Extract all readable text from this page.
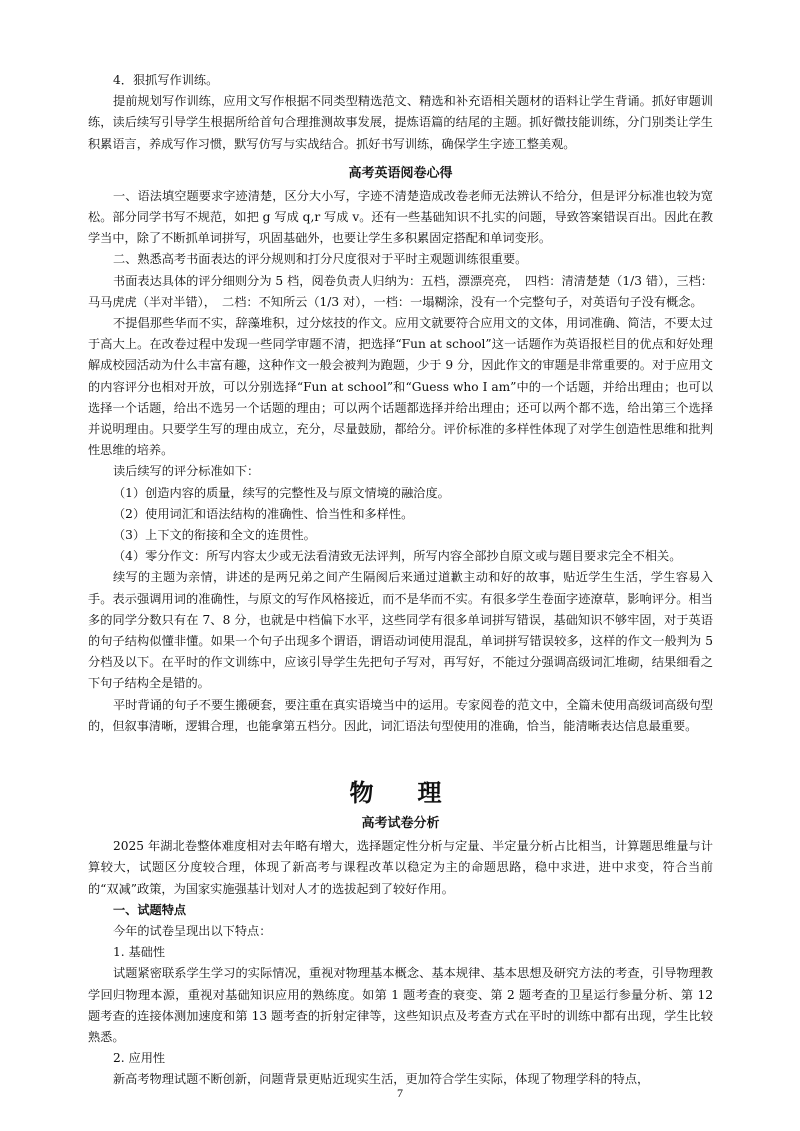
4．狠抓写作训练。

提前规划写作训练，应用文写作根据不同类型精选范文、精选和补充语相关题材的语料让学生背诵。抓好审题训练，读后续写引导学生根据所给首句合理推测故事发展，提炼语篇的结尾的主题。抓好微技能训练，分门别类让学生积累语言，养成写作习惯，默写仿写与实战结合。抓好书写训练，确保学生字迹工整美观。

高考英语阅卷心得

一、语法填空题要求字迹清楚，区分大小写，字迹不清楚造成改卷老师无法辨认不给分，但是评分标准也较为宽松。部分同学书写不规范，如把 g 写成 q,r 写成 v。还有一些基础知识不扎实的问题，导致答案错误百出。因此在教学当中，除了不断抓单词拼写，巩固基础外，也要让学生多积累固定搭配和单词变形。

二、熟悉高考书面表达的评分规则和打分尺度很对于平时主观题训练很重要。

书面表达具体的评分细则分为 5 档，阅卷负责人归纳为：五档，漂漂亮亮，　四档：清清楚楚（1/3 错），三档：马马虎虎（半对半错），　二档：不知所云（1/3 对），一档：一塌糊涂，没有一个完整句子，对英语句子没有概念。

不提倡那些华而不实，辞藻堆积，过分炫技的作文。应用文就要符合应用文的文体，用词准确、简洁，不要太过于高大上。在改卷过程中发现一些同学审题不清，把选择“Fun at school”这一话题作为英语报栏目的优点和好处理解成校园活动为什么丰富有趣，这种作文一般会被判为跑题，少于 9 分，因此作文的审题是非常重要的。对于应用文的内容评分也相对开放，可以分别选择“Fun at school”和“Guess who I am”中的一个话题，并给出理由；也可以选择一个话题，给出不选另一个话题的理由；可以两个话题都选择并给出理由；还可以两个都不选，给出第三个选择并说明理由。只要学生写的理由成立，充分，尽量鼓励，都给分。评价标准的多样性体现了对学生创造性思维和批判性思维的培养。

读后续写的评分标准如下：

（1）创造内容的质量，续写的完整性及与原文情境的融洽度。

（2）使用词汇和语法结构的准确性、恰当性和多样性。

（3）上下文的衔接和全文的连贯性。

（4）零分作文：所写内容太少或无法看清致无法评判，所写内容全部抄自原文或与题目要求完全不相关。

续写的主题为亲情，讲述的是两兄弟之间产生隔阂后来通过道歉主动和好的故事，贴近学生生活，学生容易入手。表示强调用词的准确性，与原文的写作风格接近，而不是华而不实。有很多学生卷面字迹潦草，影响评分。相当多的同学分数只有在 7、8 分，也就是中档偏下水平，这些同学有很多单词拼写错误，基础知识不够牢固，对于英语的句子结构似懂非懂。如果一个句子出现多个谓语，谓语动词使用混乱，单词拼写错误较多，这样的作文一般判为 5 分档及以下。在平时的作文训练中，应该引导学生先把句子写对，再写好，不能过分强调高级词汇堆砌，结果细看之下句子结构全是错的。

平时背诵的句子不要生搬硬套，要注重在真实语境当中的运用。专家阅卷的范文中，全篇未使用高级词高级句型的，但叙事清晰，逻辑合理，也能拿第五档分。因此，词汇语法句型使用的准确，恰当，能清晰表达信息最重要。

物　理

高考试卷分析

2025 年湖北卷整体难度相对去年略有增大，选择题定性分析与定量、半定量分析占比相当，计算题思维量与计算较大，试题区分度较合理，体现了新高考与课程改革以稳定为主的命题思路，稳中求进，进中求变，符合当前的“双减”政策，为国家实施强基计划对人才的选拔起到了较好作用。

一、试题特点

今年的试卷呈现出以下特点：

1. 基础性

试题紧密联系学生学习的实际情况，重视对物理基本概念、基本规律、基本思想及研究方法的考查，引导物理教学回归物理本源，重视对基础知识应用的熟练度。如第 1 题考查的衰变、第 2 题考查的卫星运行参量分析、第 12 题考查的连接体测加速度和第 13 题考查的折射定律等，这些知识点及考查方式在平时的训练中都有出现，学生比较熟悉。

2. 应用性

新高考物理试题不断创新，问题背景更贴近现实生活，更加符合学生实际，体现了物理学科的特点，

7
